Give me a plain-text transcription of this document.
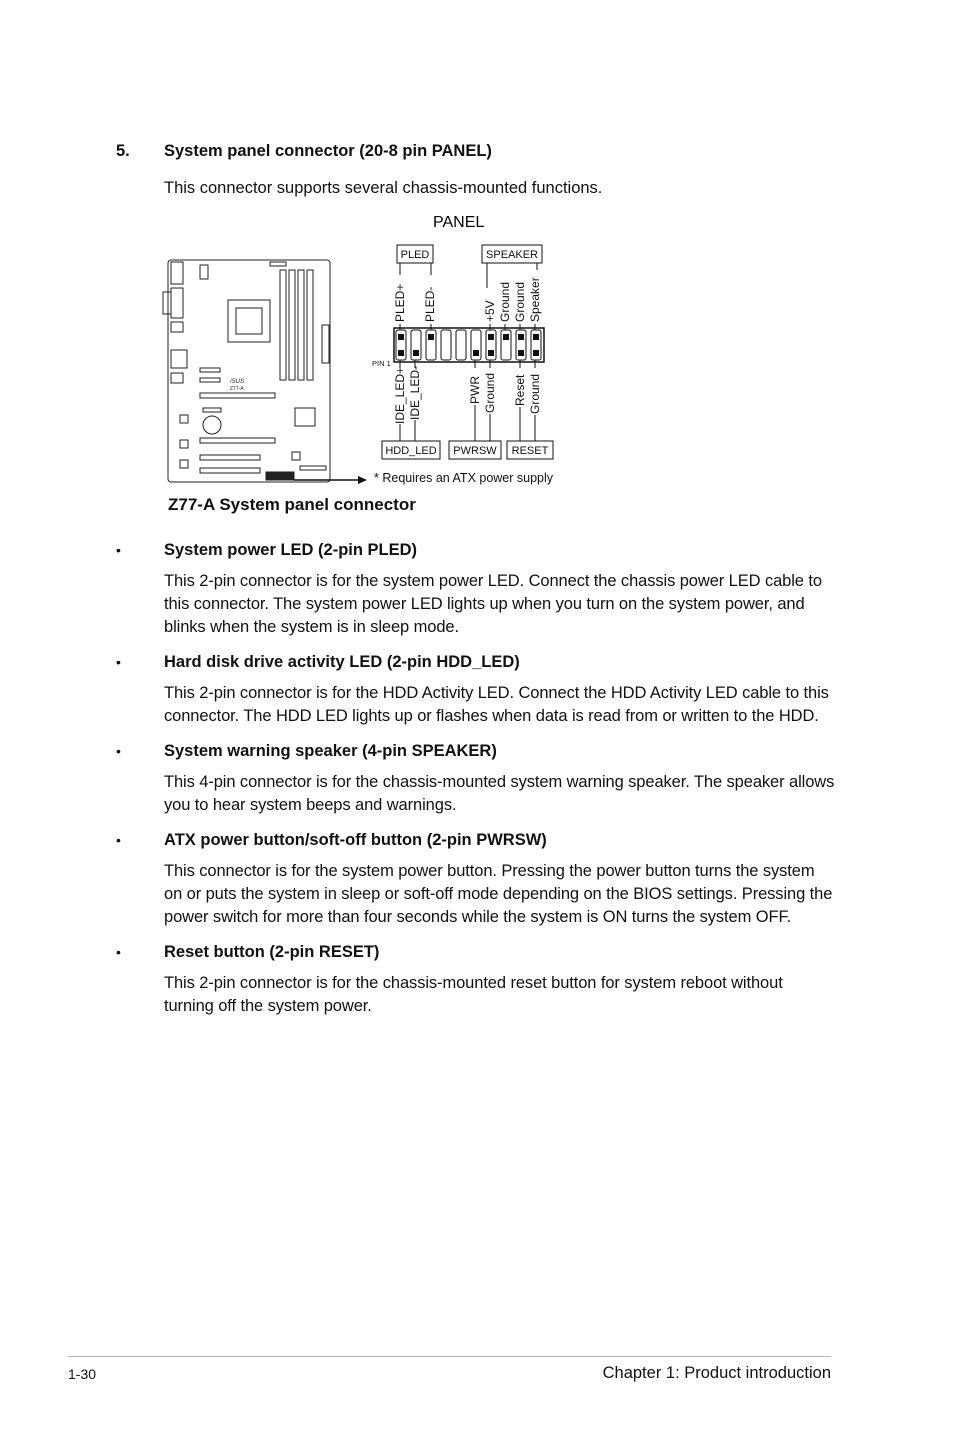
5. System panel connector (20-8 pin PANEL)
This connector supports several chassis-mounted functions.
PANEL
/SUS
Z77-A
PLED	SPEAKER
PLED+ PLED-	+5V Ground Ground Speaker
PIN 1
IDE_LED+ IDE_LED-	PWR Ground Reset Ground
HDD_LED PWRSW RESET
* Requires an ATX power supply
Z77-A System panel connector
•	System power LED (2-pin PLED)
This 2-pin connector is for the system power LED. Connect the chassis power LED cable to this connector. The system power LED lights up when you turn on the system power, and blinks when the system is in sleep mode.
•	Hard disk drive activity LED (2-pin HDD_LED)
This 2-pin connector is for the HDD Activity LED. Connect the HDD Activity LED cable to this connector. The HDD LED lights up or flashes when data is read from or written to the HDD.
•	System warning speaker (4-pin SPEAKER)
This 4-pin connector is for the chassis-mounted system warning speaker. The speaker allows you to hear system beeps and warnings.
•	ATX power button/soft-off button (2-pin PWRSW)
This connector is for the system power button. Pressing the power button turns the system on or puts the system in sleep or soft-off mode depending on the BIOS settings. Pressing the power switch for more than four seconds while the system is ON turns the system OFF.
•	Reset button (2-pin RESET)
This 2-pin connector is for the chassis-mounted reset button for system reboot without turning off the system power.
1-30	Chapter 1: Product introduction
